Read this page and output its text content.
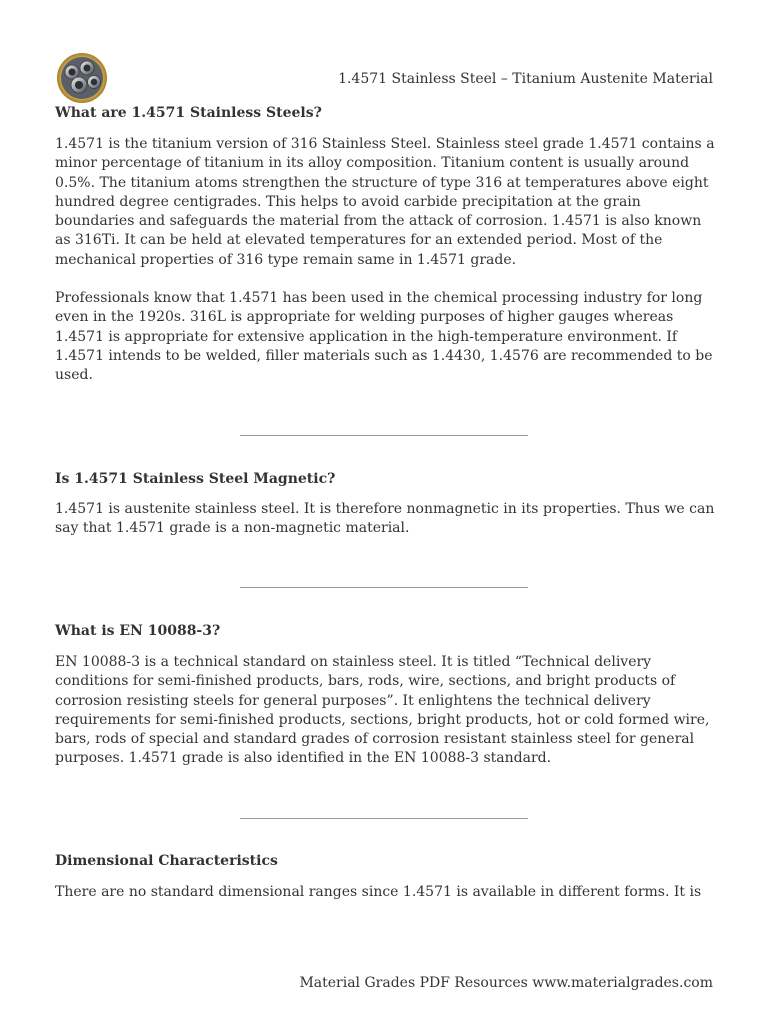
1.4571 Stainless Steel – Titanium Austenite Material
What are 1.4571 Stainless Steels?

1.4571 is the titanium version of 316 Stainless Steel. Stainless steel grade 1.4571 contains a minor percentage of titanium in its alloy composition. Titanium content is usually around 0.5%. The titanium atoms strengthen the structure of type 316 at temperatures above eight hundred degree centigrades. This helps to avoid carbide precipitation at the grain boundaries and safeguards the material from the attack of corrosion. 1.4571 is also known as 316Ti. It can be held at elevated temperatures for an extended period. Most of the mechanical properties of 316 type remain same in 1.4571 grade.

Professionals know that 1.4571 has been used in the chemical processing industry for long even in the 1920s. 316L is appropriate for welding purposes of higher gauges whereas 1.4571 is appropriate for extensive application in the high-temperature environment. If 1.4571 intends to be welded, filler materials such as 1.4430, 1.4576 are recommended to be used.

Is 1.4571 Stainless Steel Magnetic?

1.4571 is austenite stainless steel. It is therefore nonmagnetic in its properties. Thus we can say that 1.4571 grade is a non-magnetic material.

What is EN 10088-3?

EN 10088-3 is a technical standard on stainless steel. It is titled “Technical delivery conditions for semi-finished products, bars, rods, wire, sections, and bright products of corrosion resisting steels for general purposes”. It enlightens the technical delivery requirements for semi-finished products, sections, bright products, hot or cold formed wire, bars, rods of special and standard grades of corrosion resistant stainless steel for general purposes. 1.4571 grade is also identified in the EN 10088-3 standard.

Dimensional Characteristics

There are no standard dimensional ranges since 1.4571 is available in different forms. It is

Material Grades PDF Resources www.materialgrades.com
